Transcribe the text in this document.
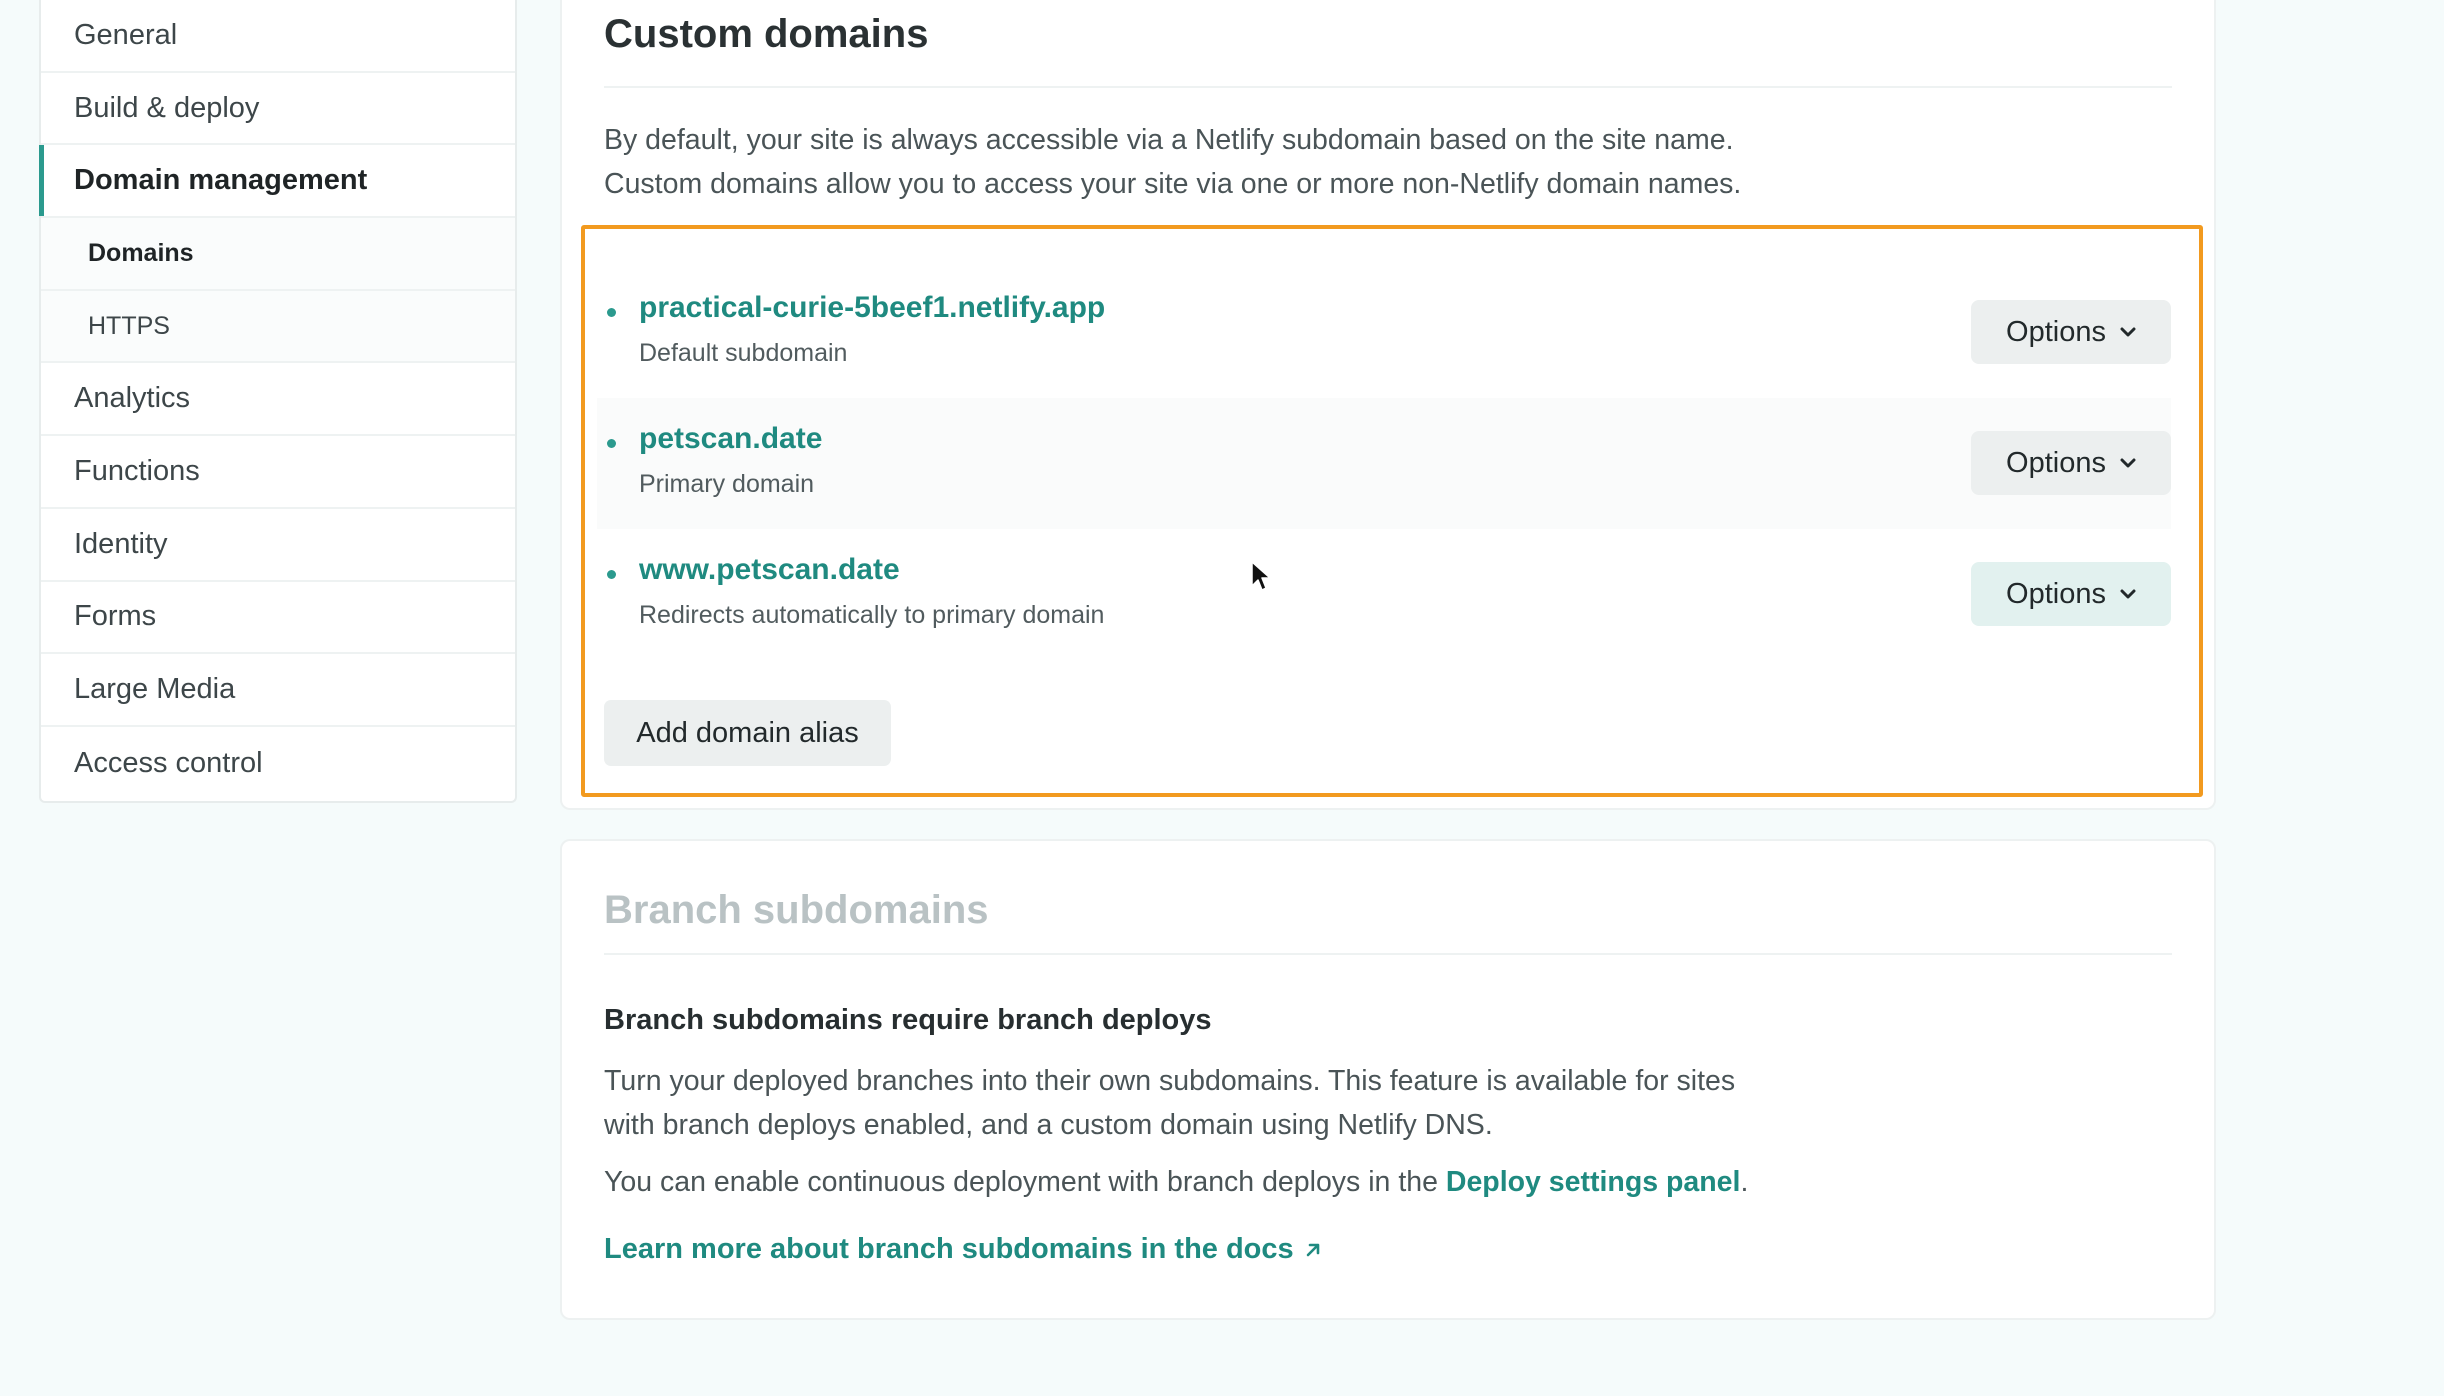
General
Build & deploy
Domain management
Domains
HTTPS
Analytics
Functions
Identity
Forms
Large Media
Access control
Custom domains

By default, your site is always accessible via a Netlify subdomain based on the site name.

Custom domains allow you to access your site via one or more non-Netlify domain names.

practical-curie-5beef1.netlify.app
Default subdomain
Options
petscan.date
Primary domain
Options
www.petscan.date
Redirects automatically to primary domain
Options
Add domain alias
Branch subdomains
Branch subdomains require branch deploys

Turn your deployed branches into their own subdomains. This feature is available for sites

with branch deploys enabled, and a custom domain using Netlify DNS.

You can enable continuous deployment with branch deploys in the Deploy settings panel.

Learn more about branch subdomains in the docs
